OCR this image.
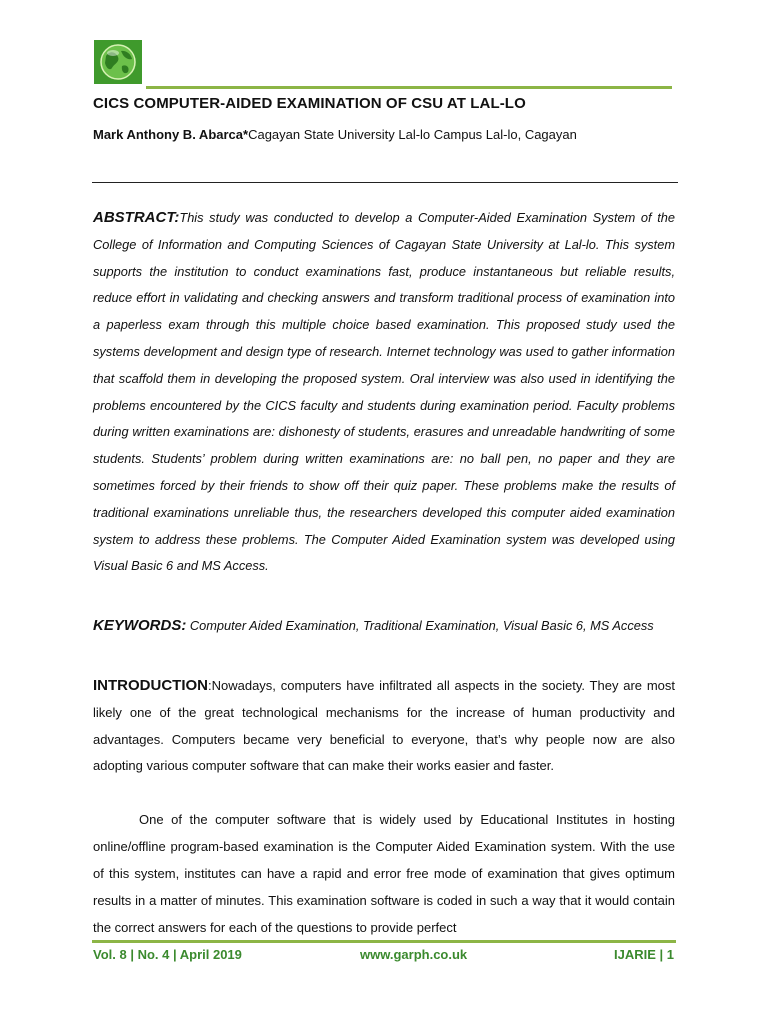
CICS COMPUTER-AIDED EXAMINATION OF CSU AT LAL-LO
Mark Anthony B. Abarca*Cagayan State University Lal-lo Campus Lal-lo, Cagayan

ABSTRACT:This study was conducted to develop a Computer-Aided Examination System of the College of Information and Computing Sciences of Cagayan State University at Lal-lo. This system supports the institution to conduct examinations fast, produce instantaneous but reliable results, reduce effort in validating and checking answers and transform traditional process of examination into a paperless exam through this multiple choice based examination. This proposed study used the systems development and design type of research. Internet technology was used to gather information that scaffold them in developing the proposed system. Oral interview was also used in identifying the problems encountered by the CICS faculty and students during examination period. Faculty problems during written examinations are: dishonesty of students, erasures and unreadable handwriting of some students. Students’ problem during written examinations are: no ball pen, no paper and they are sometimes forced by their friends to show off their quiz paper. These problems make the results of traditional examinations unreliable thus, the researchers developed this computer aided examination system to address these problems. The Computer Aided Examination system was developed using Visual Basic 6 and MS Access.

KEYWORDS: Computer Aided Examination, Traditional Examination, Visual Basic 6, MS Access

INTRODUCTION:Nowadays, computers have infiltrated all aspects in the society. They are most likely one of the great technological mechanisms for the increase of human productivity and advantages. Computers became very beneficial to everyone, that’s why people now are also adopting various computer software that can make their works easier and faster.

One of the computer software that is widely used by Educational Institutes in hosting online/offline program-based examination is the Computer Aided Examination system. With the use of this system, institutes can have a rapid and error free mode of examination that gives optimum results in a matter of minutes. This examination software is coded in such a way that it would contain the correct answers for each of the questions to provide perfect

Vol. 8 | No. 4 | April 2019	www.garph.co.uk	IJARIE | 1
